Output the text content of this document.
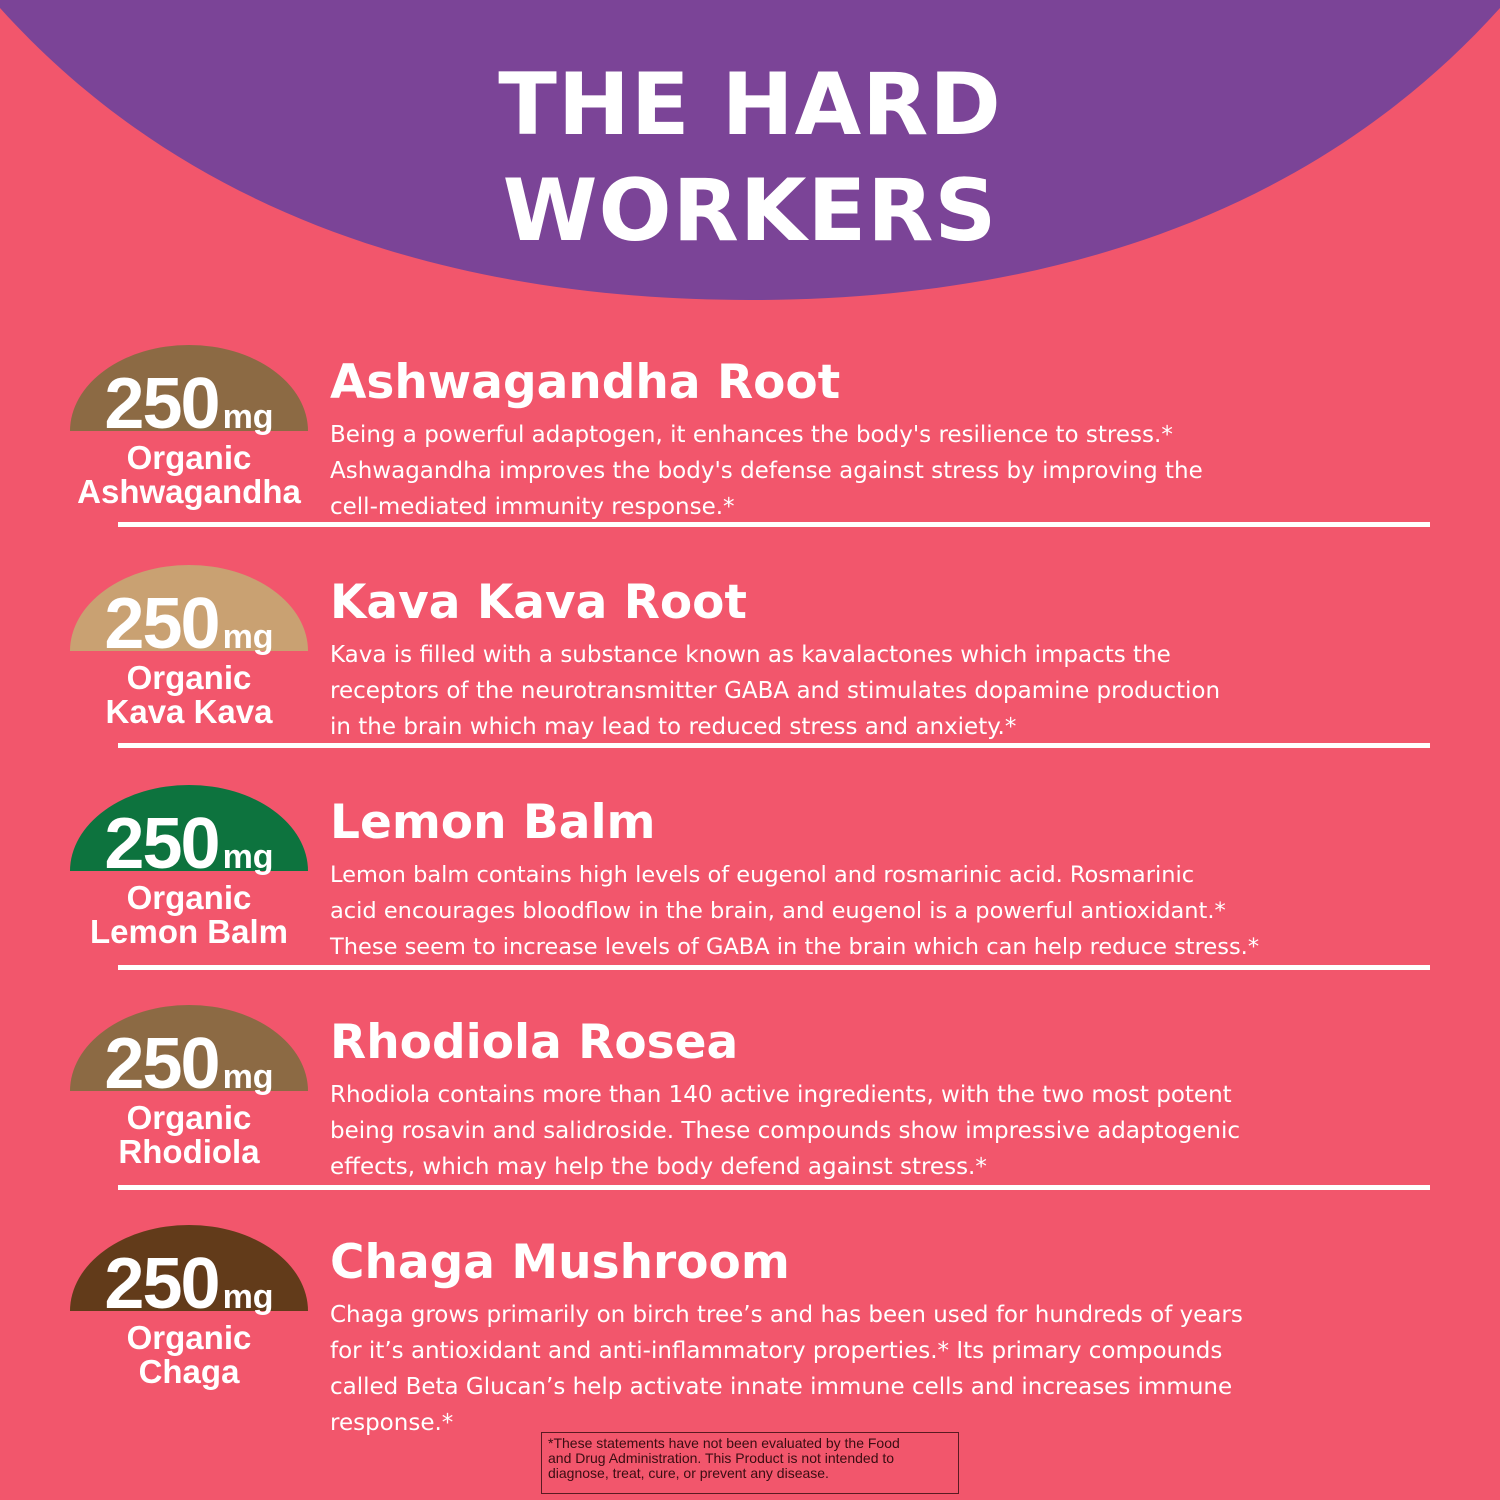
THE HARD
WORKERS
250 mg
Organic
Ashwagandha
Ashwagandha Root
Being a powerful adaptogen, it enhances the body's resilience to stress.*
Ashwagandha improves the body's defense against stress by improving the
cell-mediated immunity response.*
250 mg
Organic
Kava Kava
Kava Kava Root
Kava is filled with a substance known as kavalactones which impacts the
receptors of the neurotransmitter GABA and stimulates dopamine production
in the brain which may lead to reduced stress and anxiety.*
250 mg
Organic
Lemon Balm
Lemon Balm
Lemon balm contains high levels of eugenol and rosmarinic acid. Rosmarinic
acid encourages bloodflow in the brain, and eugenol is a powerful antioxidant.*
These seem to increase levels of GABA in the brain which can help reduce stress.*
250 mg
Organic
Rhodiola
Rhodiola Rosea
Rhodiola contains more than 140 active ingredients, with the two most potent
being rosavin and salidroside. These compounds show impressive adaptogenic
effects, which may help the body defend against stress.*
250 mg
Organic
Chaga
Chaga Mushroom
Chaga grows primarily on birch tree’s and has been used for hundreds of years
for it’s antioxidant and anti-inflammatory properties.* Its primary compounds
called Beta Glucan’s help activate innate immune cells and increases immune
response.*
*These statements have not been evaluated by the Food
and Drug Administration. This Product is not intended to
diagnose, treat, cure, or prevent any disease.
